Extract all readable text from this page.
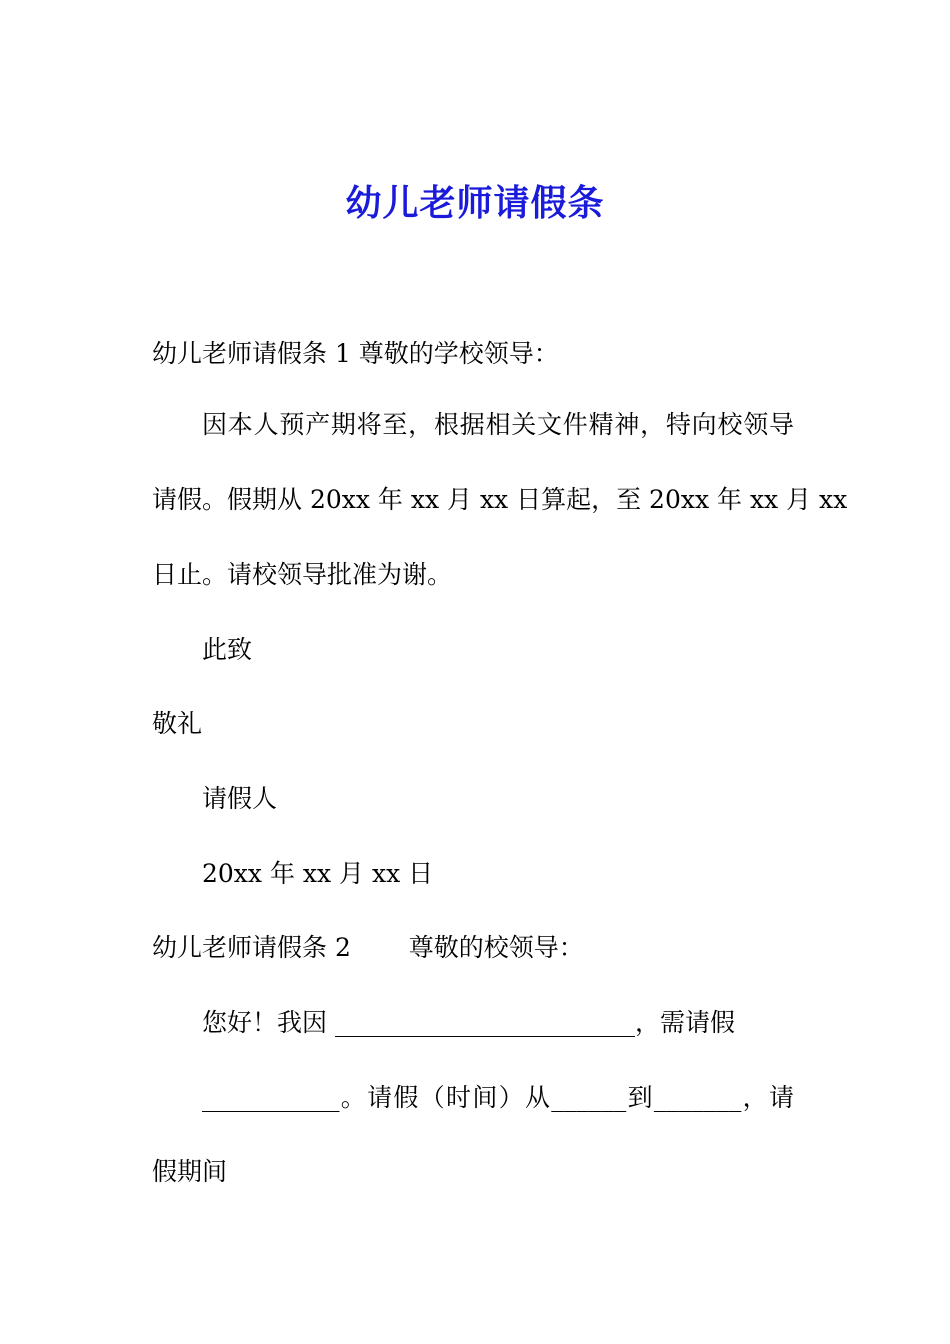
幼儿老师请假条

幼儿老师请假条 1 尊敬的学校领导：

因本人预产期将至，根据相关文件精神，特向校领导

请假。假期从 20xx 年 xx 月 xx 日算起，至 20xx 年 xx 月 xx

日止。请校领导批准为谢。

此致

敬礼

请假人

20xx 年 xx 月 xx 日

幼儿老师请假条 2　　 尊敬的校领导：

您好！我因 ________________________，需请假

___________。请假（时间）从______到_______，请

假期间
